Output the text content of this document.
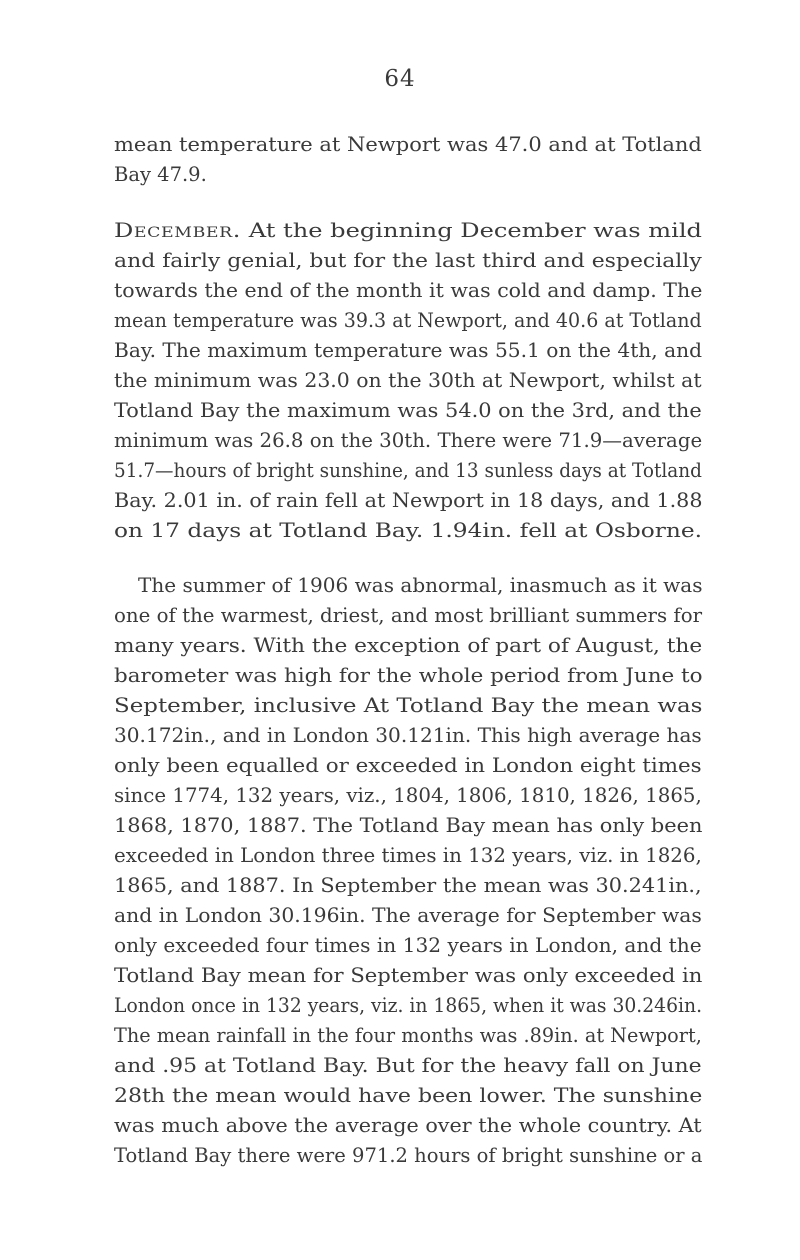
64
mean temperature at Newport was 47.0 and at Totland
Bay 47.9.
December. At the beginning December was mild
and fairly genial, but for the last third and especially
towards the end of the month it was cold and damp. The
mean temperature was 39.3 at Newport, and 40.6 at Totland
Bay. The maximum temperature was 55.1 on the 4th, and
the minimum was 23.0 on the 30th at Newport, whilst at
Totland Bay the maximum was 54.0 on the 3rd, and the
minimum was 26.8 on the 30th. There were 71.9—average
51.7—hours of bright sunshine, and 13 sunless days at Totland
Bay. 2.01 in. of rain fell at Newport in 18 days, and 1.88
on 17 days at Totland Bay. 1.94in. fell at Osborne.
The summer of 1906 was abnormal, inasmuch as it was
one of the warmest, driest, and most brilliant summers for
many years. With the exception of part of August, the
barometer was high for the whole period from June to
September, inclusive At Totland Bay the mean was
30.172in., and in London 30.121in. This high average has
only been equalled or exceeded in London eight times
since 1774, 132 years, viz., 1804, 1806, 1810, 1826, 1865,
1868, 1870, 1887. The Totland Bay mean has only been
exceeded in London three times in 132 years, viz. in 1826,
1865, and 1887. In September the mean was 30.241in.,
and in London 30.196in. The average for September was
only exceeded four times in 132 years in London, and the
Totland Bay mean for September was only exceeded in
London once in 132 years, viz. in 1865, when it was 30.246in.
The mean rainfall in the four months was .89in. at Newport,
and .95 at Totland Bay. But for the heavy fall on June
28th the mean would have been lower. The sunshine
was much above the average over the whole country. At
Totland Bay there were 971.2 hours of bright sunshine or a
